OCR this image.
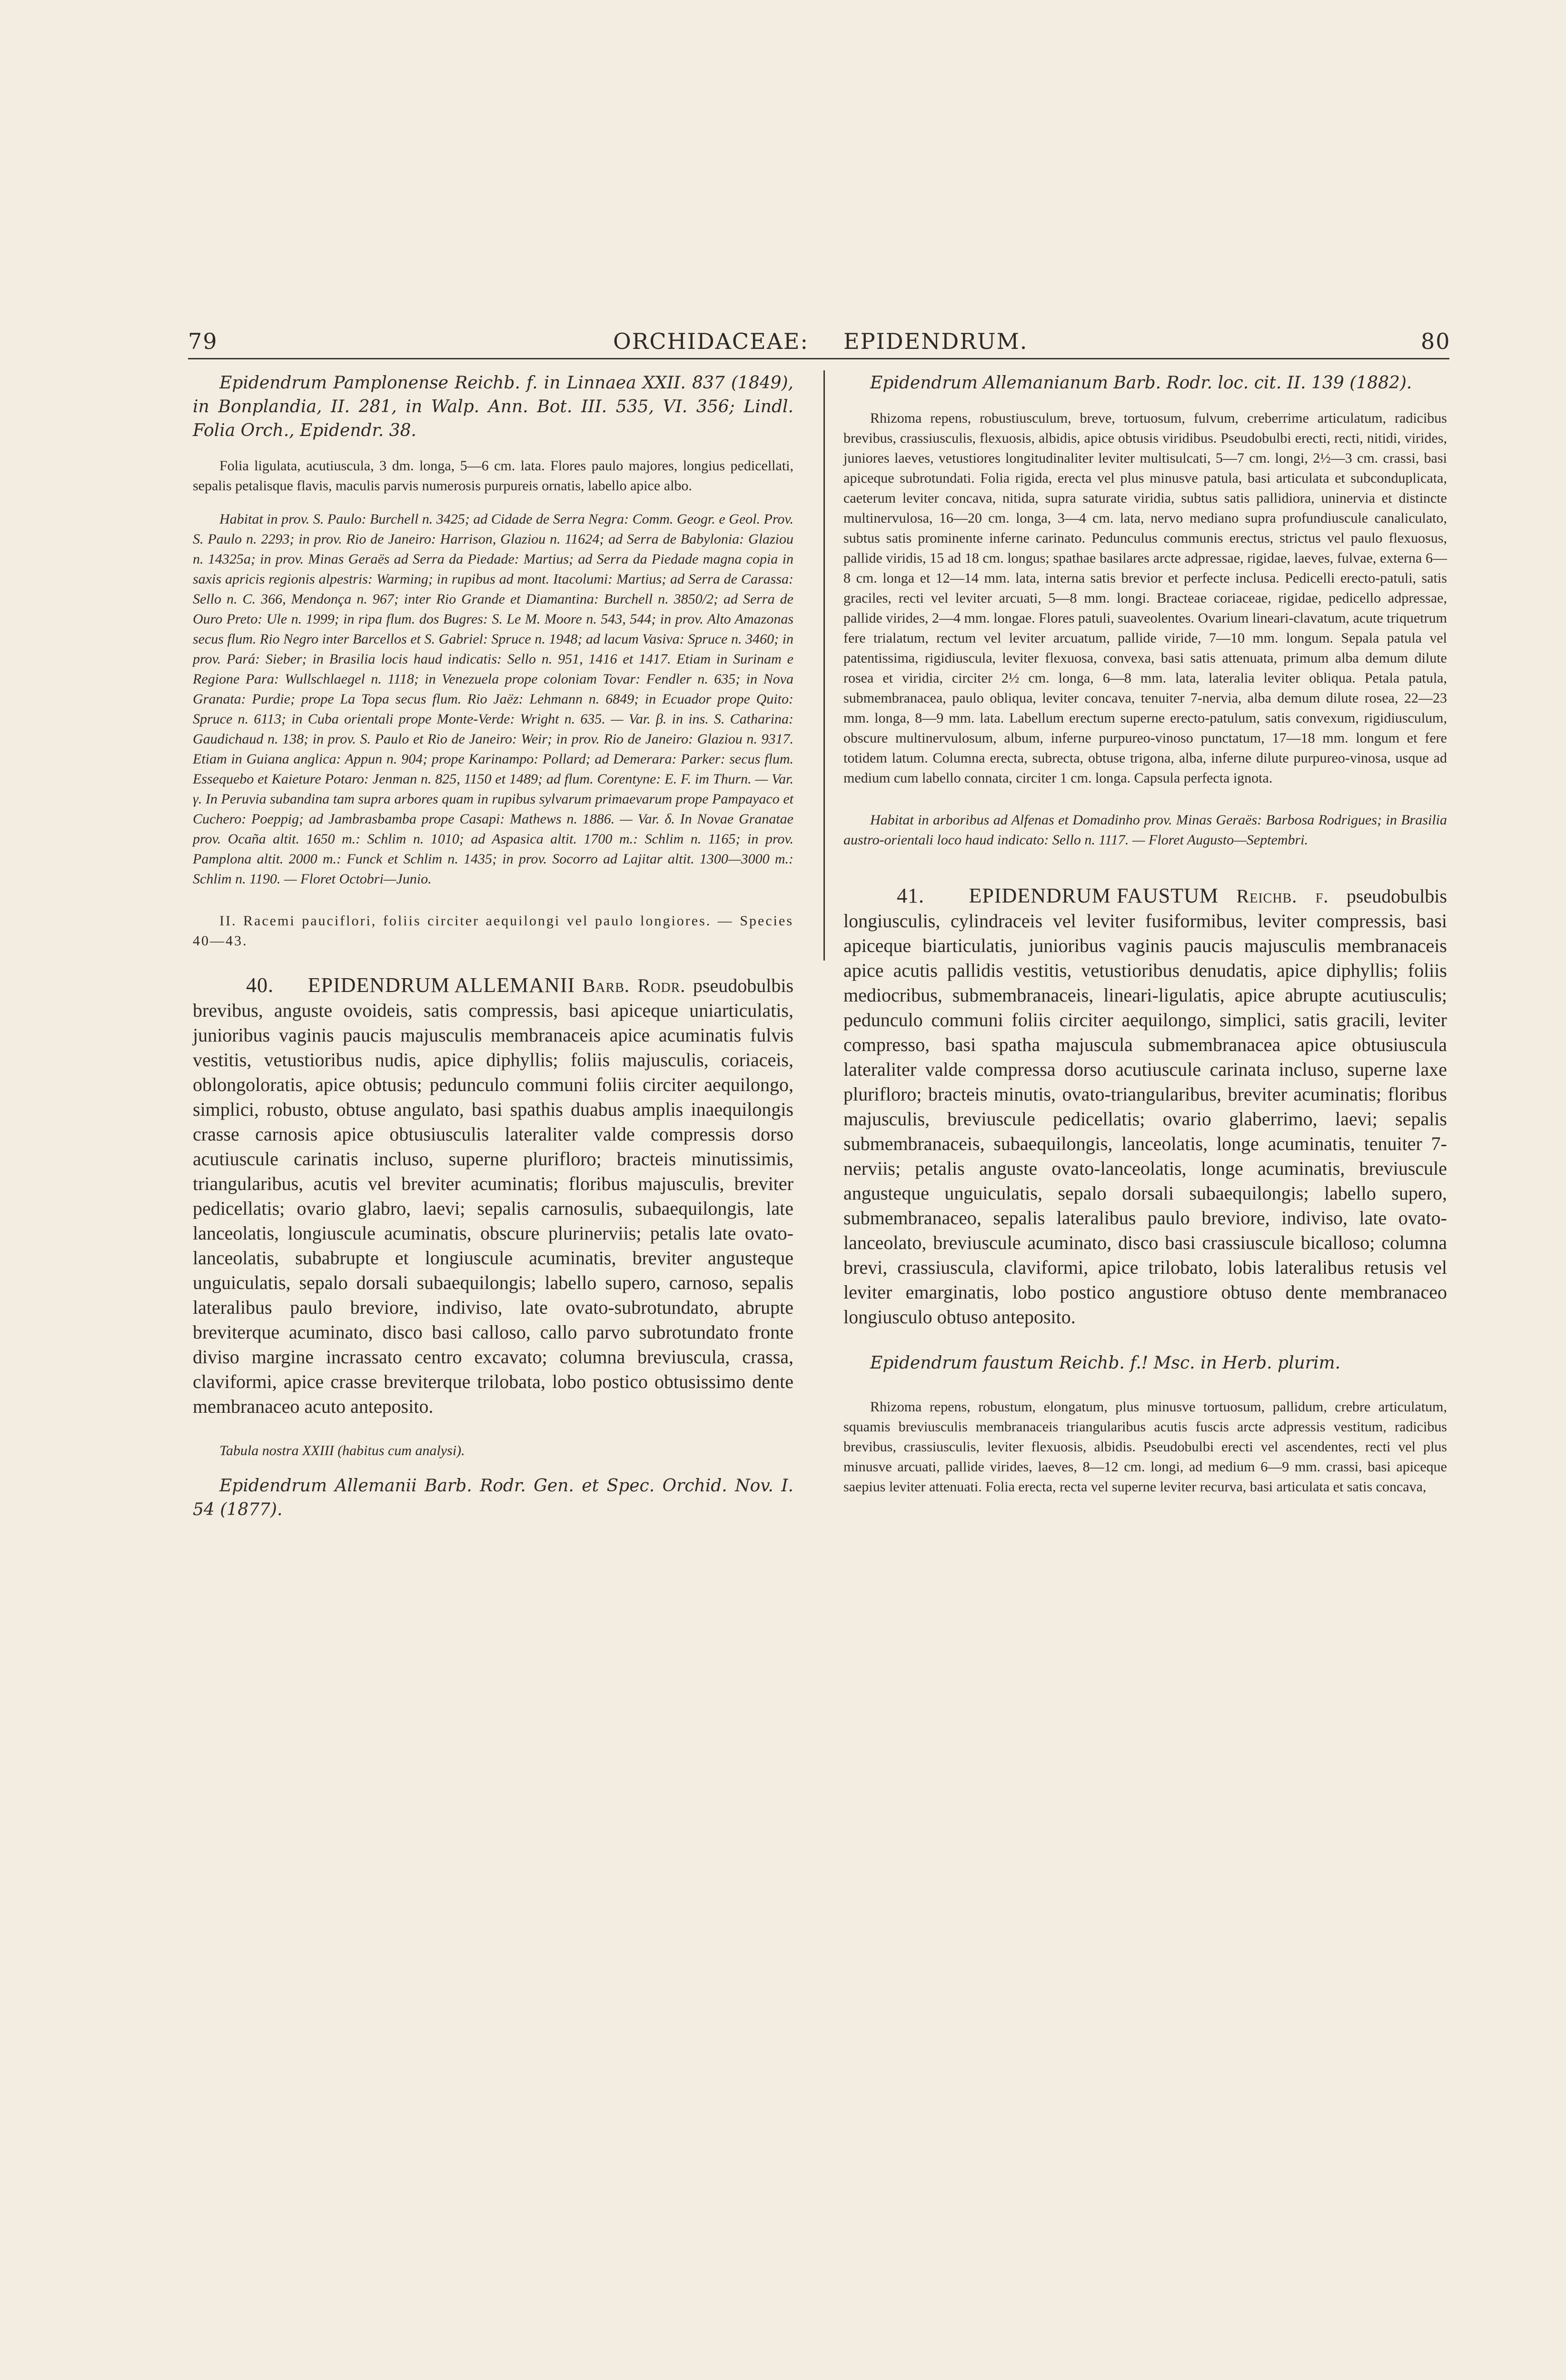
79	ORCHIDACEAE: EPIDENDRUM.	80

Epidendrum Pamplonense Reichb. f. in Linnaea XXII. 837 (1849), in Bonplandia, II. 281, in Walp. Ann. Bot. III. 535, VI. 356; Lindl. Folia Orch., Epidendr. 38.

Folia ligulata, acutiuscula, 3 dm. longa, 5—6 cm. lata. Flores paulo majores, longius pedicellati, sepalis petalisque flavis, maculis parvis numerosis purpureis ornatis, labello apice albo.

Habitat in prov. S. Paulo: Burchell n. 3425; ad Cidade de Serra Negra: Comm. Geogr. e Geol. Prov. S. Paulo n. 2293; in prov. Rio de Janeiro: Harrison, Glaziou n. 11624; ad Serra de Babylonia: Glaziou n. 14325a; in prov. Minas Geraës ad Serra da Piedade: Martius; ad Serra da Piedade magna copia in saxis apricis regionis alpestris: Warming; in rupibus ad mont. Itacolumi: Martius; ad Serra de Carassa: Sello n. C. 366, Mendonça n. 967; inter Rio Grande et Diamantina: Burchell n. 3850/2; ad Serra de Ouro Preto: Ule n. 1999; in ripa flum. dos Bugres: S. Le M. Moore n. 543, 544; in prov. Alto Amazonas secus flum. Rio Negro inter Barcellos et S. Gabriel: Spruce n. 1948; ad lacum Vasiva: Spruce n. 3460; in prov. Pará: Sieber; in Brasilia locis haud indicatis: Sello n. 951, 1416 et 1417. Etiam in Surinam e Regione Para: Wullschlaegel n. 1118; in Venezuela prope coloniam Tovar: Fendler n. 635; in Nova Granata: Purdie; prope La Topa secus flum. Rio Jaëz: Lehmann n. 6849; in Ecuador prope Quito: Spruce n. 6113; in Cuba orientali prope Monte-Verde: Wright n. 635. — Var. β. in ins. S. Catharina: Gaudichaud n. 138; in prov. S. Paulo et Rio de Janeiro: Weir; in prov. Rio de Janeiro: Glaziou n. 9317. Etiam in Guiana anglica: Appun n. 904; prope Karinampo: Pollard; ad Demerara: Parker: secus flum. Essequebo et Kaieture Potaro: Jenman n. 825, 1150 et 1489; ad flum. Corentyne: E. F. im Thurn. — Var. γ. In Peruvia subandina tam supra arbores quam in rupibus sylvarum primaevarum prope Pampayaco et Cuchero: Poeppig; ad Jambrasbamba prope Casapi: Mathews n. 1886. — Var. δ. In Novae Granatae prov. Ocaña altit. 1650 m.: Schlim n. 1010; ad Aspasica altit. 1700 m.: Schlim n. 1165; in prov. Pamplona altit. 2000 m.: Funck et Schlim n. 1435; in prov. Socorro ad Lajitar altit. 1300—3000 m.: Schlim n. 1190. — Floret Octobri—Junio.

II. Racemi pauciflori, foliis circiter aequilongi vel paulo longiores. — Species 40—43.

40. EPIDENDRUM ALLEMANII Barb. Rodr. pseudobulbis brevibus, anguste ovoideis, satis compressis, basi apiceque uniarticulatis, junioribus vaginis paucis majusculis membranaceis apice acuminatis fulvis vestitis, vetustioribus nudis, apice diphyllis; foliis majusculis, coriaceis, oblongoloratis, apice obtusis; pedunculo communi foliis circiter aequilongo, simplici, robusto, obtuse angulato, basi spathis duabus amplis inaequilongis crasse carnosis apice obtusiusculis lateraliter valde compressis dorso acutiuscule carinatis incluso, superne plurifloro; bracteis minutissimis, triangularibus, acutis vel breviter acuminatis; floribus majusculis, breviter pedicellatis; ovario glabro, laevi; sepalis carnosulis, subaequilongis, late lanceolatis, longiuscule acuminatis, obscure plurinerviis; petalis late ovato-lanceolatis, subabrupte et longiuscule acuminatis, breviter angusteque unguiculatis, sepalo dorsali subaequilongis; labello supero, carnoso, sepalis lateralibus paulo breviore, indiviso, late ovato-subrotundato, abrupte breviterque acuminato, disco basi calloso, callo parvo subrotundato fronte diviso margine incrassato centro excavato; columna breviuscula, crassa, claviformi, apice crasse breviterque trilobata, lobo postico obtusissimo dente membranaceo acuto anteposito.

Tabula nostra XXIII (habitus cum analysi).

Epidendrum Allemanii Barb. Rodr. Gen. et Spec. Orchid. Nov. I. 54 (1877).

Epidendrum Allemanianum Barb. Rodr. loc. cit. II. 139 (1882).

Rhizoma repens, robustiusculum, breve, tortuosum, fulvum, creberrime articulatum, radicibus brevibus, crassiusculis, flexuosis, albidis, apice obtusis viridibus. Pseudobulbi erecti, recti, nitidi, virides, juniores laeves, vetustiores longitudinaliter leviter multisulcati, 5—7 cm. longi, 2½—3 cm. crassi, basi apiceque subrotundati. Folia rigida, erecta vel plus minusve patula, basi articulata et subconduplicata, caeterum leviter concava, nitida, supra saturate viridia, subtus satis pallidiora, uninervia et distincte multinervulosa, 16—20 cm. longa, 3—4 cm. lata, nervo mediano supra profundiuscule canaliculato, subtus satis prominente inferne carinato. Pedunculus communis erectus, strictus vel paulo flexuosus, pallide viridis, 15 ad 18 cm. longus; spathae basilares arcte adpressae, rigidae, laeves, fulvae, externa 6—8 cm. longa et 12—14 mm. lata, interna satis brevior et perfecte inclusa. Pedicelli erecto-patuli, satis graciles, recti vel leviter arcuati, 5—8 mm. longi. Bracteae coriaceae, rigidae, pedicello adpressae, pallide virides, 2—4 mm. longae. Flores patuli, suaveolentes. Ovarium lineari-clavatum, acute triquetrum fere trialatum, rectum vel leviter arcuatum, pallide viride, 7—10 mm. longum. Sepala patula vel patentissima, rigidiuscula, leviter flexuosa, convexa, basi satis attenuata, primum alba demum dilute rosea et viridia, circiter 2½ cm. longa, 6—8 mm. lata, lateralia leviter obliqua. Petala patula, submembranacea, paulo obliqua, leviter concava, tenuiter 7-nervia, alba demum dilute rosea, 22—23 mm. longa, 8—9 mm. lata. Labellum erectum superne erecto-patulum, satis convexum, rigidiusculum, obscure multinervulosum, album, inferne purpureo-vinoso punctatum, 17—18 mm. longum et fere totidem latum. Columna erecta, subrecta, obtuse trigona, alba, inferne dilute purpureo-vinosa, usque ad medium cum labello connata, circiter 1 cm. longa. Capsula perfecta ignota.

Habitat in arboribus ad Alfenas et Domadinho prov. Minas Geraës: Barbosa Rodrigues; in Brasilia austro-orientali loco haud indicato: Sello n. 1117. — Floret Augusto—Septembri.

41. EPIDENDRUM FAUSTUM Reichb. f. pseudobulbis longiusculis, cylindraceis vel leviter fusiformibus, leviter compressis, basi apiceque biarticulatis, junioribus vaginis paucis majusculis membranaceis apice acutis pallidis vestitis, vetustioribus denudatis, apice diphyllis; foliis mediocribus, submembranaceis, lineari-ligulatis, apice abrupte acutiusculis; pedunculo communi foliis circiter aequilongo, simplici, satis gracili, leviter compresso, basi spatha majuscula submembranacea apice obtusiuscula lateraliter valde compressa dorso acutiuscule carinata incluso, superne laxe plurifloro; bracteis minutis, ovato-triangularibus, breviter acuminatis; floribus majusculis, breviuscule pedicellatis; ovario glaberrimo, laevi; sepalis submembranaceis, subaequilongis, lanceolatis, longe acuminatis, tenuiter 7-nerviis; petalis anguste ovato-lanceolatis, longe acuminatis, breviuscule angusteque unguiculatis, sepalo dorsali subaequilongis; labello supero, submembranaceo, sepalis lateralibus paulo breviore, indiviso, late ovato-lanceolato, breviuscule acuminato, disco basi crassiuscule bicalloso; columna brevi, crassiuscula, claviformi, apice trilobato, lobis lateralibus retusis vel leviter emarginatis, lobo postico angustiore obtuso dente membranaceo longiusculo obtuso anteposito.

Epidendrum faustum Reichb. f.! Msc. in Herb. plurim.

Rhizoma repens, robustum, elongatum, plus minusve tortuosum, pallidum, crebre articulatum, squamis breviusculis membranaceis triangularibus acutis fuscis arcte adpressis vestitum, radicibus brevibus, crassiusculis, leviter flexuosis, albidis. Pseudobulbi erecti vel ascendentes, recti vel plus minusve arcuati, pallide virides, laeves, 8—12 cm. longi, ad medium 6—9 mm. crassi, basi apiceque saepius leviter attenuati. Folia erecta, recta vel superne leviter recurva, basi articulata et satis concava,
